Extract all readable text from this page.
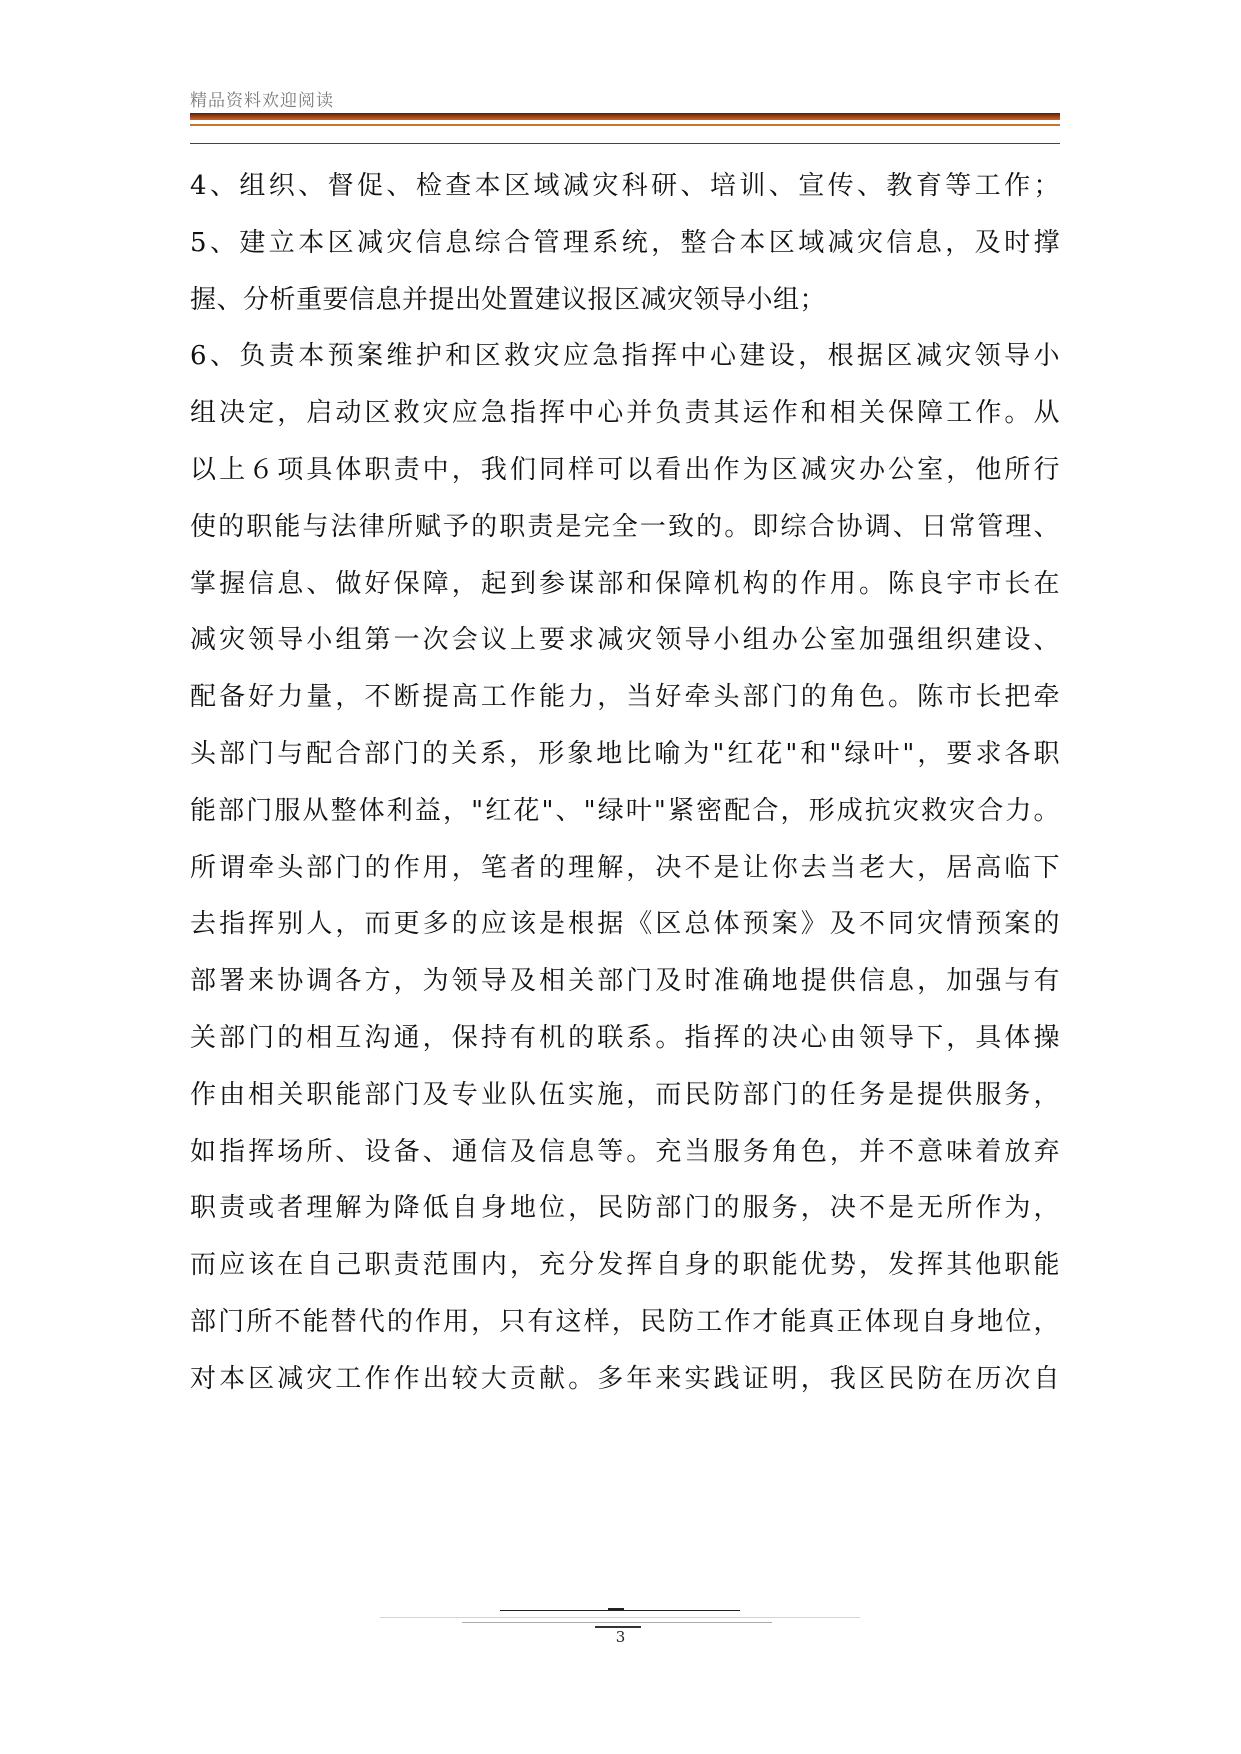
精品资料欢迎阅读
4、组织、督促、检查本区域减灾科研、培训、宣传、教育等工作；
5、建立本区减灾信息综合管理系统，整合本区域减灾信息，及时撑
握、分析重要信息并提出处置建议报区减灾领导小组；
6、负责本预案维护和区救灾应急指挥中心建设，根据区减灾领导小
组决定，启动区救灾应急指挥中心并负责其运作和相关保障工作。从
以上６项具体职责中，我们同样可以看出作为区减灾办公室，他所行
使的职能与法律所赋予的职责是完全一致的。即综合协调、日常管理、
掌握信息、做好保障，起到参谋部和保障机构的作用。陈良宇市长在
减灾领导小组第一次会议上要求减灾领导小组办公室加强组织建设、
配备好力量，不断提高工作能力，当好牵头部门的角色。陈市长把牵
头部门与配合部门的关系，形象地比喻为"红花"和"绿叶"，要求各职
能部门服从整体利益，"红花"、"绿叶"紧密配合，形成抗灾救灾合力。
所谓牵头部门的作用，笔者的理解，决不是让你去当老大，居高临下
去指挥别人，而更多的应该是根据《区总体预案》及不同灾情预案的
部署来协调各方，为领导及相关部门及时准确地提供信息，加强与有
关部门的相互沟通，保持有机的联系。指挥的决心由领导下，具体操
作由相关职能部门及专业队伍实施，而民防部门的任务是提供服务，
如指挥场所、设备、通信及信息等。充当服务角色，并不意味着放弃
职责或者理解为降低自身地位，民防部门的服务，决不是无所作为，
而应该在自己职责范围内，充分发挥自身的职能优势，发挥其他职能
部门所不能替代的作用，只有这样，民防工作才能真正体现自身地位，
对本区减灾工作作出较大贡献。多年来实践证明，我区民防在历次自
3
